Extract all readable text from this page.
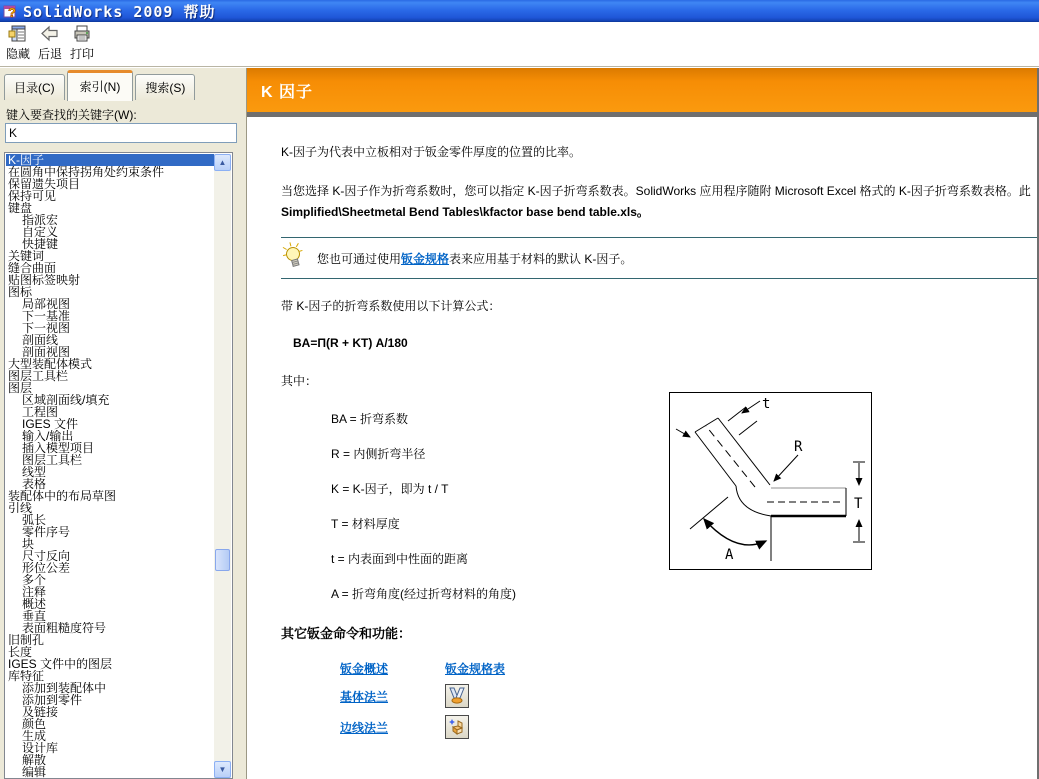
? SolidWorks 2009 帮助
隐藏 后退 打印
目录(C)	索引(N)	搜索(S)
键入要查找的关键字(W):
K
K-因子
在圆角中保持拐角处约束条件
保留遗失项目
保持可见
键盘
指派宏
自定义
快捷键
关键词
缝合曲面
贴图标签映射
图标
局部视图
下一基准
下一视图
剖面线
剖面视图
大型装配体模式
图层工具栏
图层
区域剖面线/填充
工程图
IGES 文件
输入/输出
插入模型项目
图层工具栏
线型
表格
装配体中的布局草图
引线
弧长
零件序号
块
尺寸反向
形位公差
多个
注释
概述
垂直
表面粗糙度符号
旧制孔
长度
IGES 文件中的图层
库特征
添加到装配体中
添加到零件
及链接
颜色
生成
设计库
解散
编辑
▲
▼
K 因子
K-因子为代表中立板相对于钣金零件厚度的位置的比率。
当您选择 K-因子作为折弯系数时，您可以指定 K-因子折弯系数表。SolidWorks 应用程序随附 Microsoft Excel 格式的 K-因子折弯系数表格。此
Simplified\Sheetmetal Bend Tables\kfactor base bend table.xls。
您也可通过使用钣金规格表来应用基于材料的默认 K-因子。
带 K-因子的折弯系数使用以下计算公式：
BA=Π(R + KT) A/180
其中：
BA = 折弯系数
R = 内侧折弯半径
K = K-因子，即为 t / T
T = 材料厚度
t = 内表面到中性面的距离
A = 折弯角度(经过折弯材料的角度)
其它钣金命令和功能：
钣金概述	钣金规格表
基体法兰
边线法兰
t
R
T
A
